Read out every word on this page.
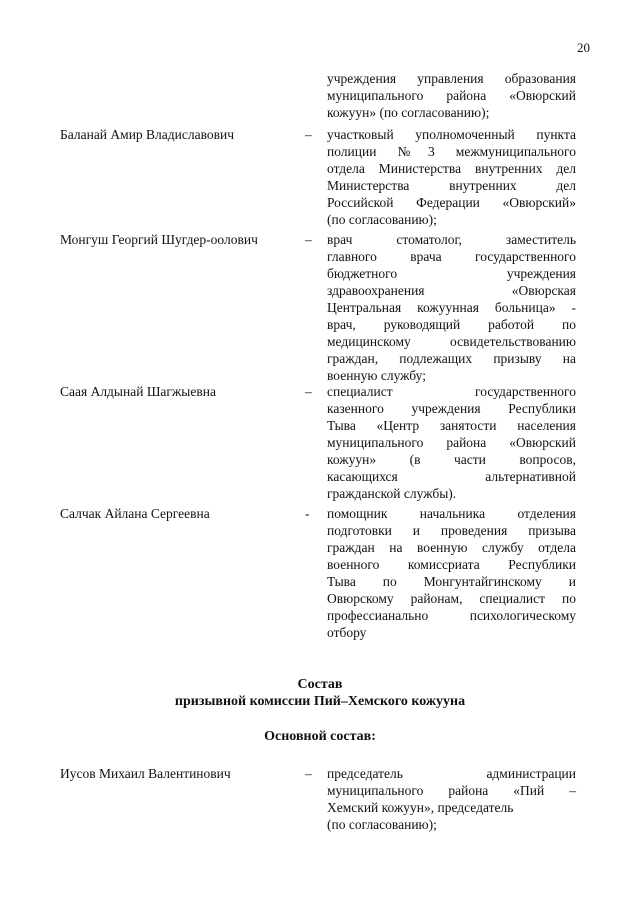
20
учреждения управления образования
муниципального района «Овюрский
кожуун» (по согласованию);
Баланай Амир Владиславович	– участковый уполномоченный пункта
полиции №3 межмуниципального
отдела Министерства внутренних дел
Министерства внутренних дел
Российской Федерации «Овюрский»
(по согласованию);
Монгуш Георгий Шугдер-оолович	– врач стоматолог, заместитель
главного врача государственного
бюджетного учреждения
здравоохранения «Овюрская
Центральная кожуунная больница» -
врач, руководящий работой по
медицинскому освидетельствованию
граждан, подлежащих призыву на
военную службу;
Саая Алдынай Шагжыевна	– специалист государственного
казенного учреждения Республики
Тыва «Центр занятости населения
муниципального района «Овюрский
кожуун» (в части вопросов,
касающихся альтернативной
гражданской службы).
Салчак Айлана Сергеевна	- помощник начальника отделения
подготовки и проведения призыва
граждан на военную службу отдела
военного комиссриата Республики
Тыва по Монгунтайгинскому и
Овюрскому районам, специалист по
профессианально психологическому
отбору
Состав
призывной комиссии Пий–Хемского кожууна
Основной состав:
Иусов Михаил Валентинович	– председатель администрации
муниципального района «Пий –
Хемский кожуун», председатель
(по согласованию);
